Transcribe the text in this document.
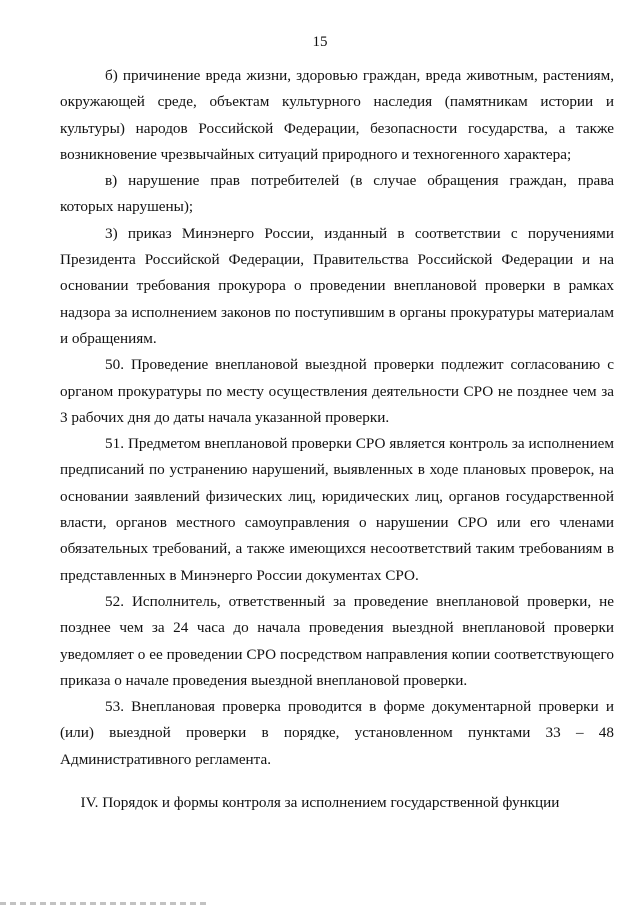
15

б) причинение вреда жизни, здоровью граждан, вреда животным, растениям, окружающей среде, объектам культурного наследия (памятникам истории и культуры) народов Российской Федерации, безопасности государства, а также возникновение чрезвычайных ситуаций природного и техногенного характера;

в) нарушение прав потребителей (в случае обращения граждан, права которых нарушены);

3) приказ Минэнерго России, изданный в соответствии с поручениями Президента Российской Федерации, Правительства Российской Федерации и на основании требования прокурора о проведении внеплановой проверки в рамках надзора за исполнением законов по поступившим в органы прокуратуры материалам и обращениям.

50. Проведение внеплановой выездной проверки подлежит согласованию с органом прокуратуры по месту осуществления деятельности СРО не позднее чем за 3 рабочих дня до даты начала указанной проверки.

51. Предметом внеплановой проверки СРО является контроль за исполнением предписаний по устранению нарушений, выявленных в ходе плановых проверок, на основании заявлений физических лиц, юридических лиц, органов государственной власти, органов местного самоуправления о нарушении СРО или его членами обязательных требований, а также имеющихся несоответствий таким требованиям в представленных в Минэнерго России документах СРО.

52. Исполнитель, ответственный за проведение внеплановой проверки, не позднее чем за 24 часа до начала проведения выездной внеплановой проверки уведомляет о ее проведении СРО посредством направления копии соответствующего приказа о начале проведения выездной внеплановой проверки.

53. Внеплановая проверка проводится в форме документарной проверки и (или) выездной проверки в порядке, установленном пунктами 33 – 48 Административного регламента.

IV. Порядок и формы контроля за исполнением государственной функции
